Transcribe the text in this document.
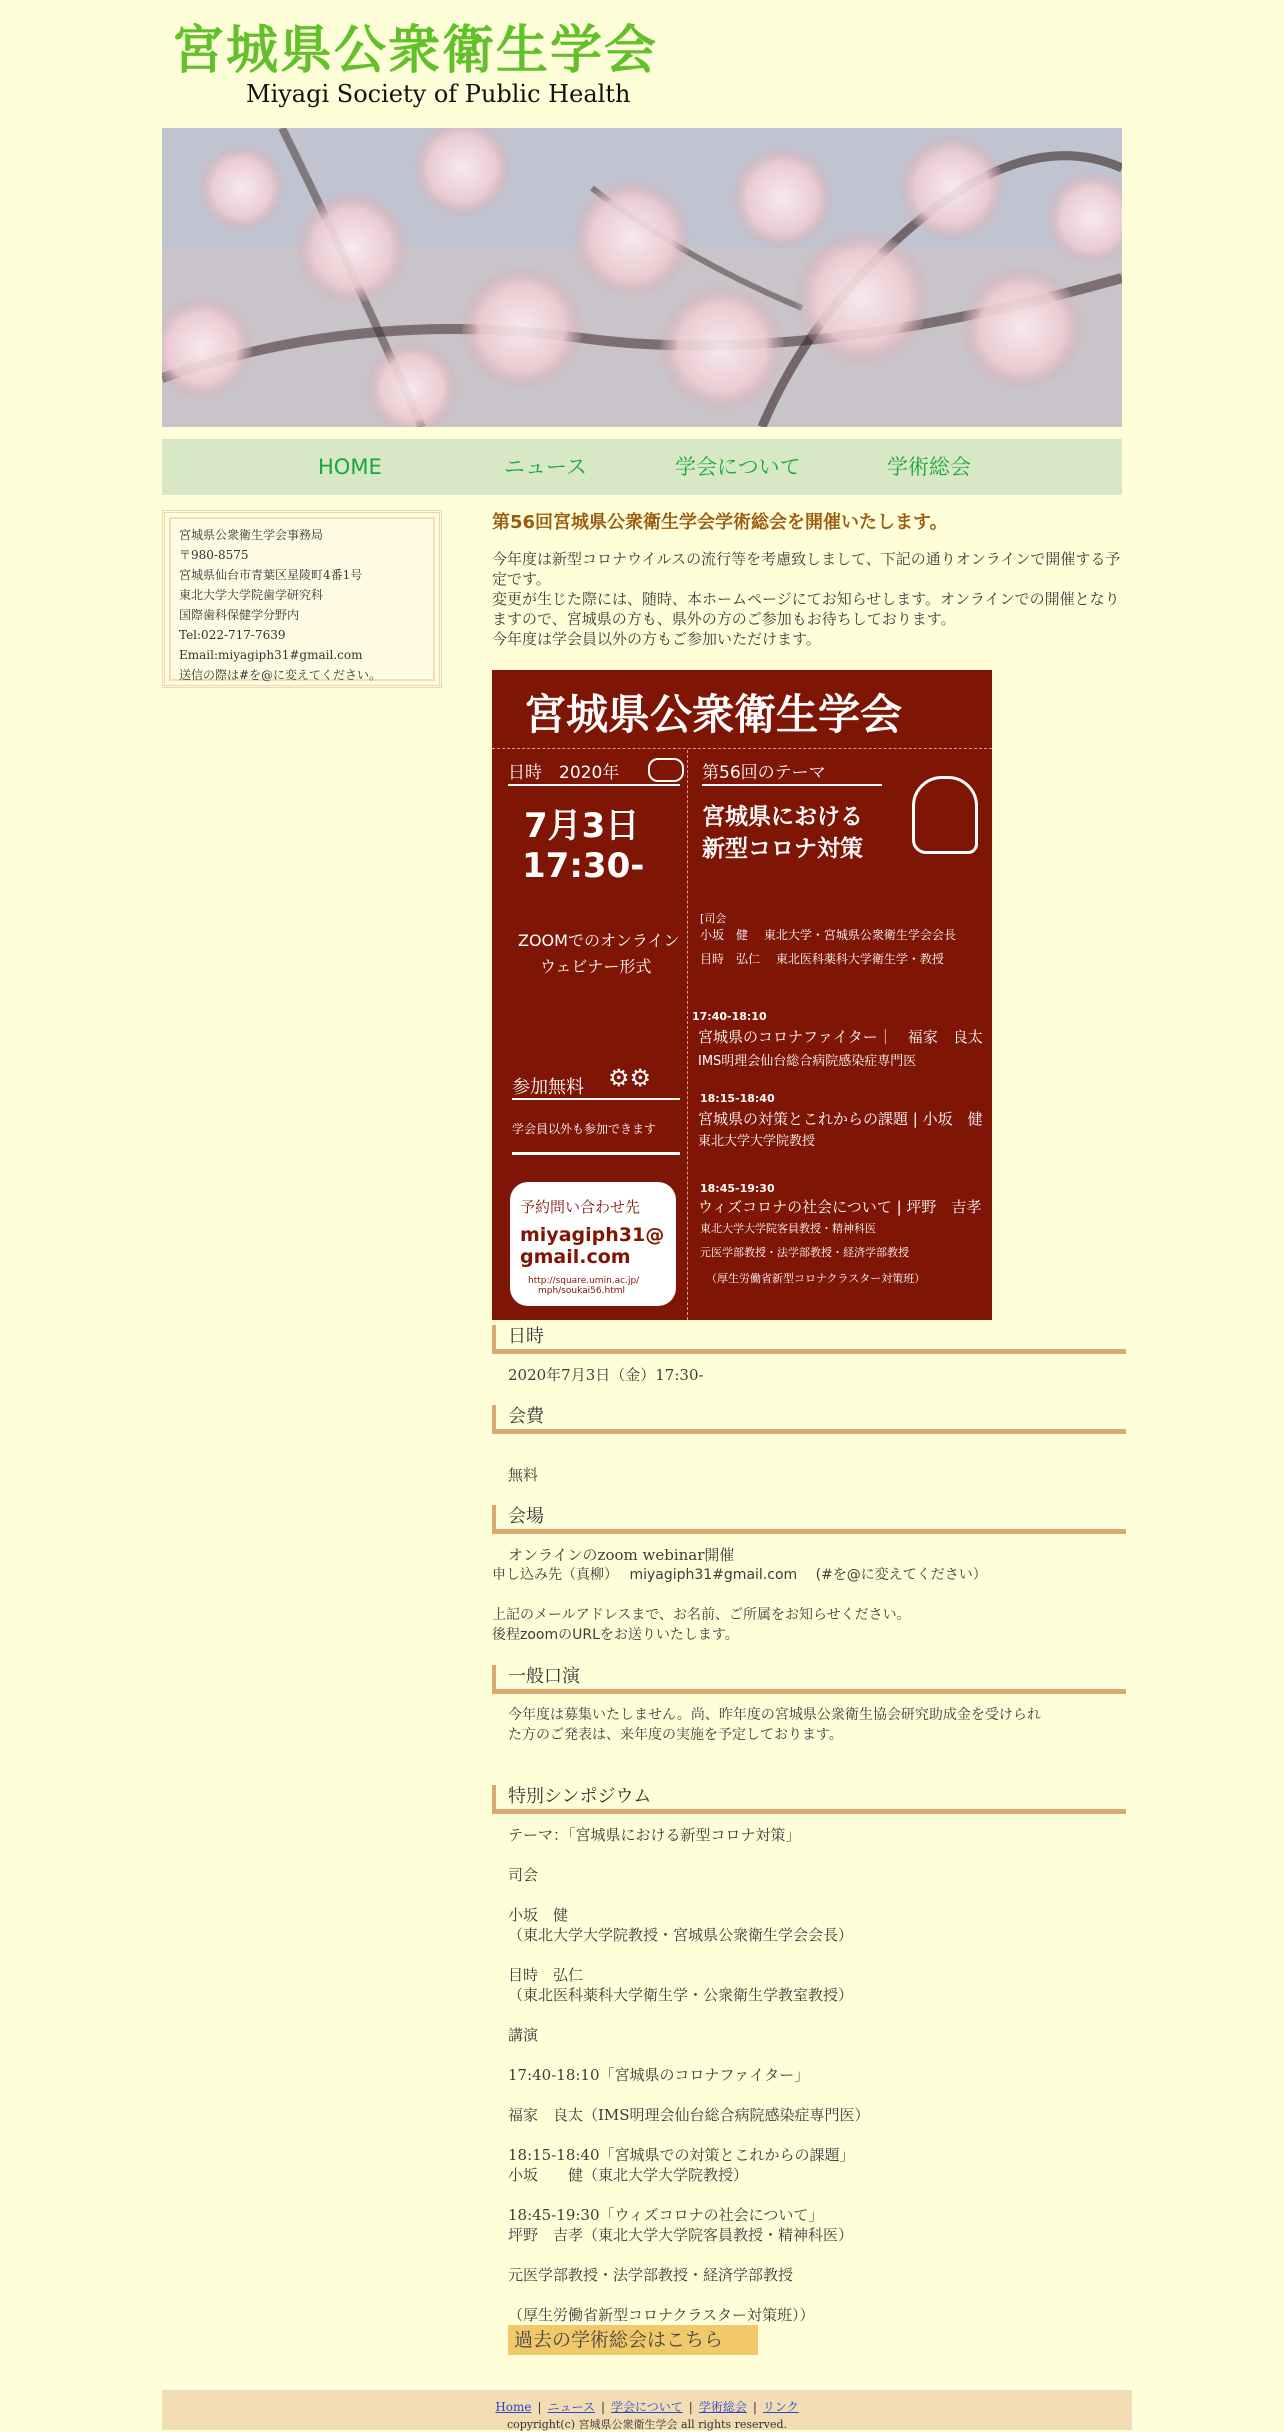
宮城県公衆衛生学会
Miyagi Society of Public Health
HOME	ニュース	学会について	学術総会
宮城県公衆衛生学会事務局
〒980-8575
宮城県仙台市青葉区星陵町4番1号
東北大学大学院歯学研究科
国際歯科保健学分野内
Tel:022-717-7639
Email:miyagiph31#gmail.com
送信の際は#を@に変えてください。
第56回宮城県公衆衛生学会学術総会を開催いたします。

今年度は新型コロナウイルスの流行等を考慮致しまして、下記の通りオンラインで開催する予定です。

変更が生じた際には、随時、本ホームページにてお知らせします。オンラインでの開催となりますので、宮城県の方も、県外の方のご参加もお待ちしております。

今年度は学会員以外の方もご参加いただけます。

宮城県公衆衛生学会
日時　2020年
7月3日
17:30-
ZOOMでのオンライン
ウェビナー形式
参加無料 ⚙⚙
学会員以外も参加できます
予約問い合わせ先
miyagiph31@
gmail.com
http://square.umin.ac.jp/
mph/soukai56.html
第56回のテーマ
宮城県における
新型コロナ対策
[司会
小坂　健　 東北大学・宮城県公衆衛生学会会長
目時　弘仁　 東北医科薬科大学衛生学・教授
17:40-18:10
宮城県のコロナファイター｜　福家　良太
IMS明理会仙台総合病院感染症専門医
18:15-18:40
宮城県の対策とこれからの課題 | 小坂　健
東北大学大学院教授
18:45-19:30
ウィズコロナの社会について | 坪野　吉孝
東北大学大学院客員教授・精神科医
元医学部教授・法学部教授・経済学部教授
（厚生労働省新型コロナクラスター対策班）
日時
2020年7月3日（金）17:30-
会費
無料
会場
オンラインのzoom webinar開催
申し込み先（真柳）　 miyagiph31#gmail.com　 (#を@に変えてください）
上記のメールアドレスまで、お名前、ご所属をお知らせください。
後程zoomのURLをお送りいたします。
一般口演
今年度は募集いたしません。尚、昨年度の宮城県公衆衛生協会研究助成金を受けられ
た方のご発表は、来年度の実施を予定しております。
特別シンポジウム
テーマ：「宮城県における新型コロナ対策」
司会
小坂　健
（東北大学大学院教授・宮城県公衆衛生学会会長）
目時　弘仁
（東北医科薬科大学衛生学・公衆衛生学教室教授）
講演
17:40-18:10「宮城県のコロナファイター」
福家　良太（IMS明理会仙台総合病院感染症専門医）
18:15-18:40「宮城県での対策とこれからの課題」
小坂　　健（東北大学大学院教授）
18:45-19:30「ウィズコロナの社会について」
坪野　吉孝（東北大学大学院客員教授・精神科医）
元医学部教授・法学部教授・経済学部教授
（厚生労働省新型コロナクラスター対策班））
過去の学術総会はこちら
Home | ニュース | 学会について | 学術総会 | リンク
copyright(c) 宮城県公衆衛生学会 all rights reserved.
